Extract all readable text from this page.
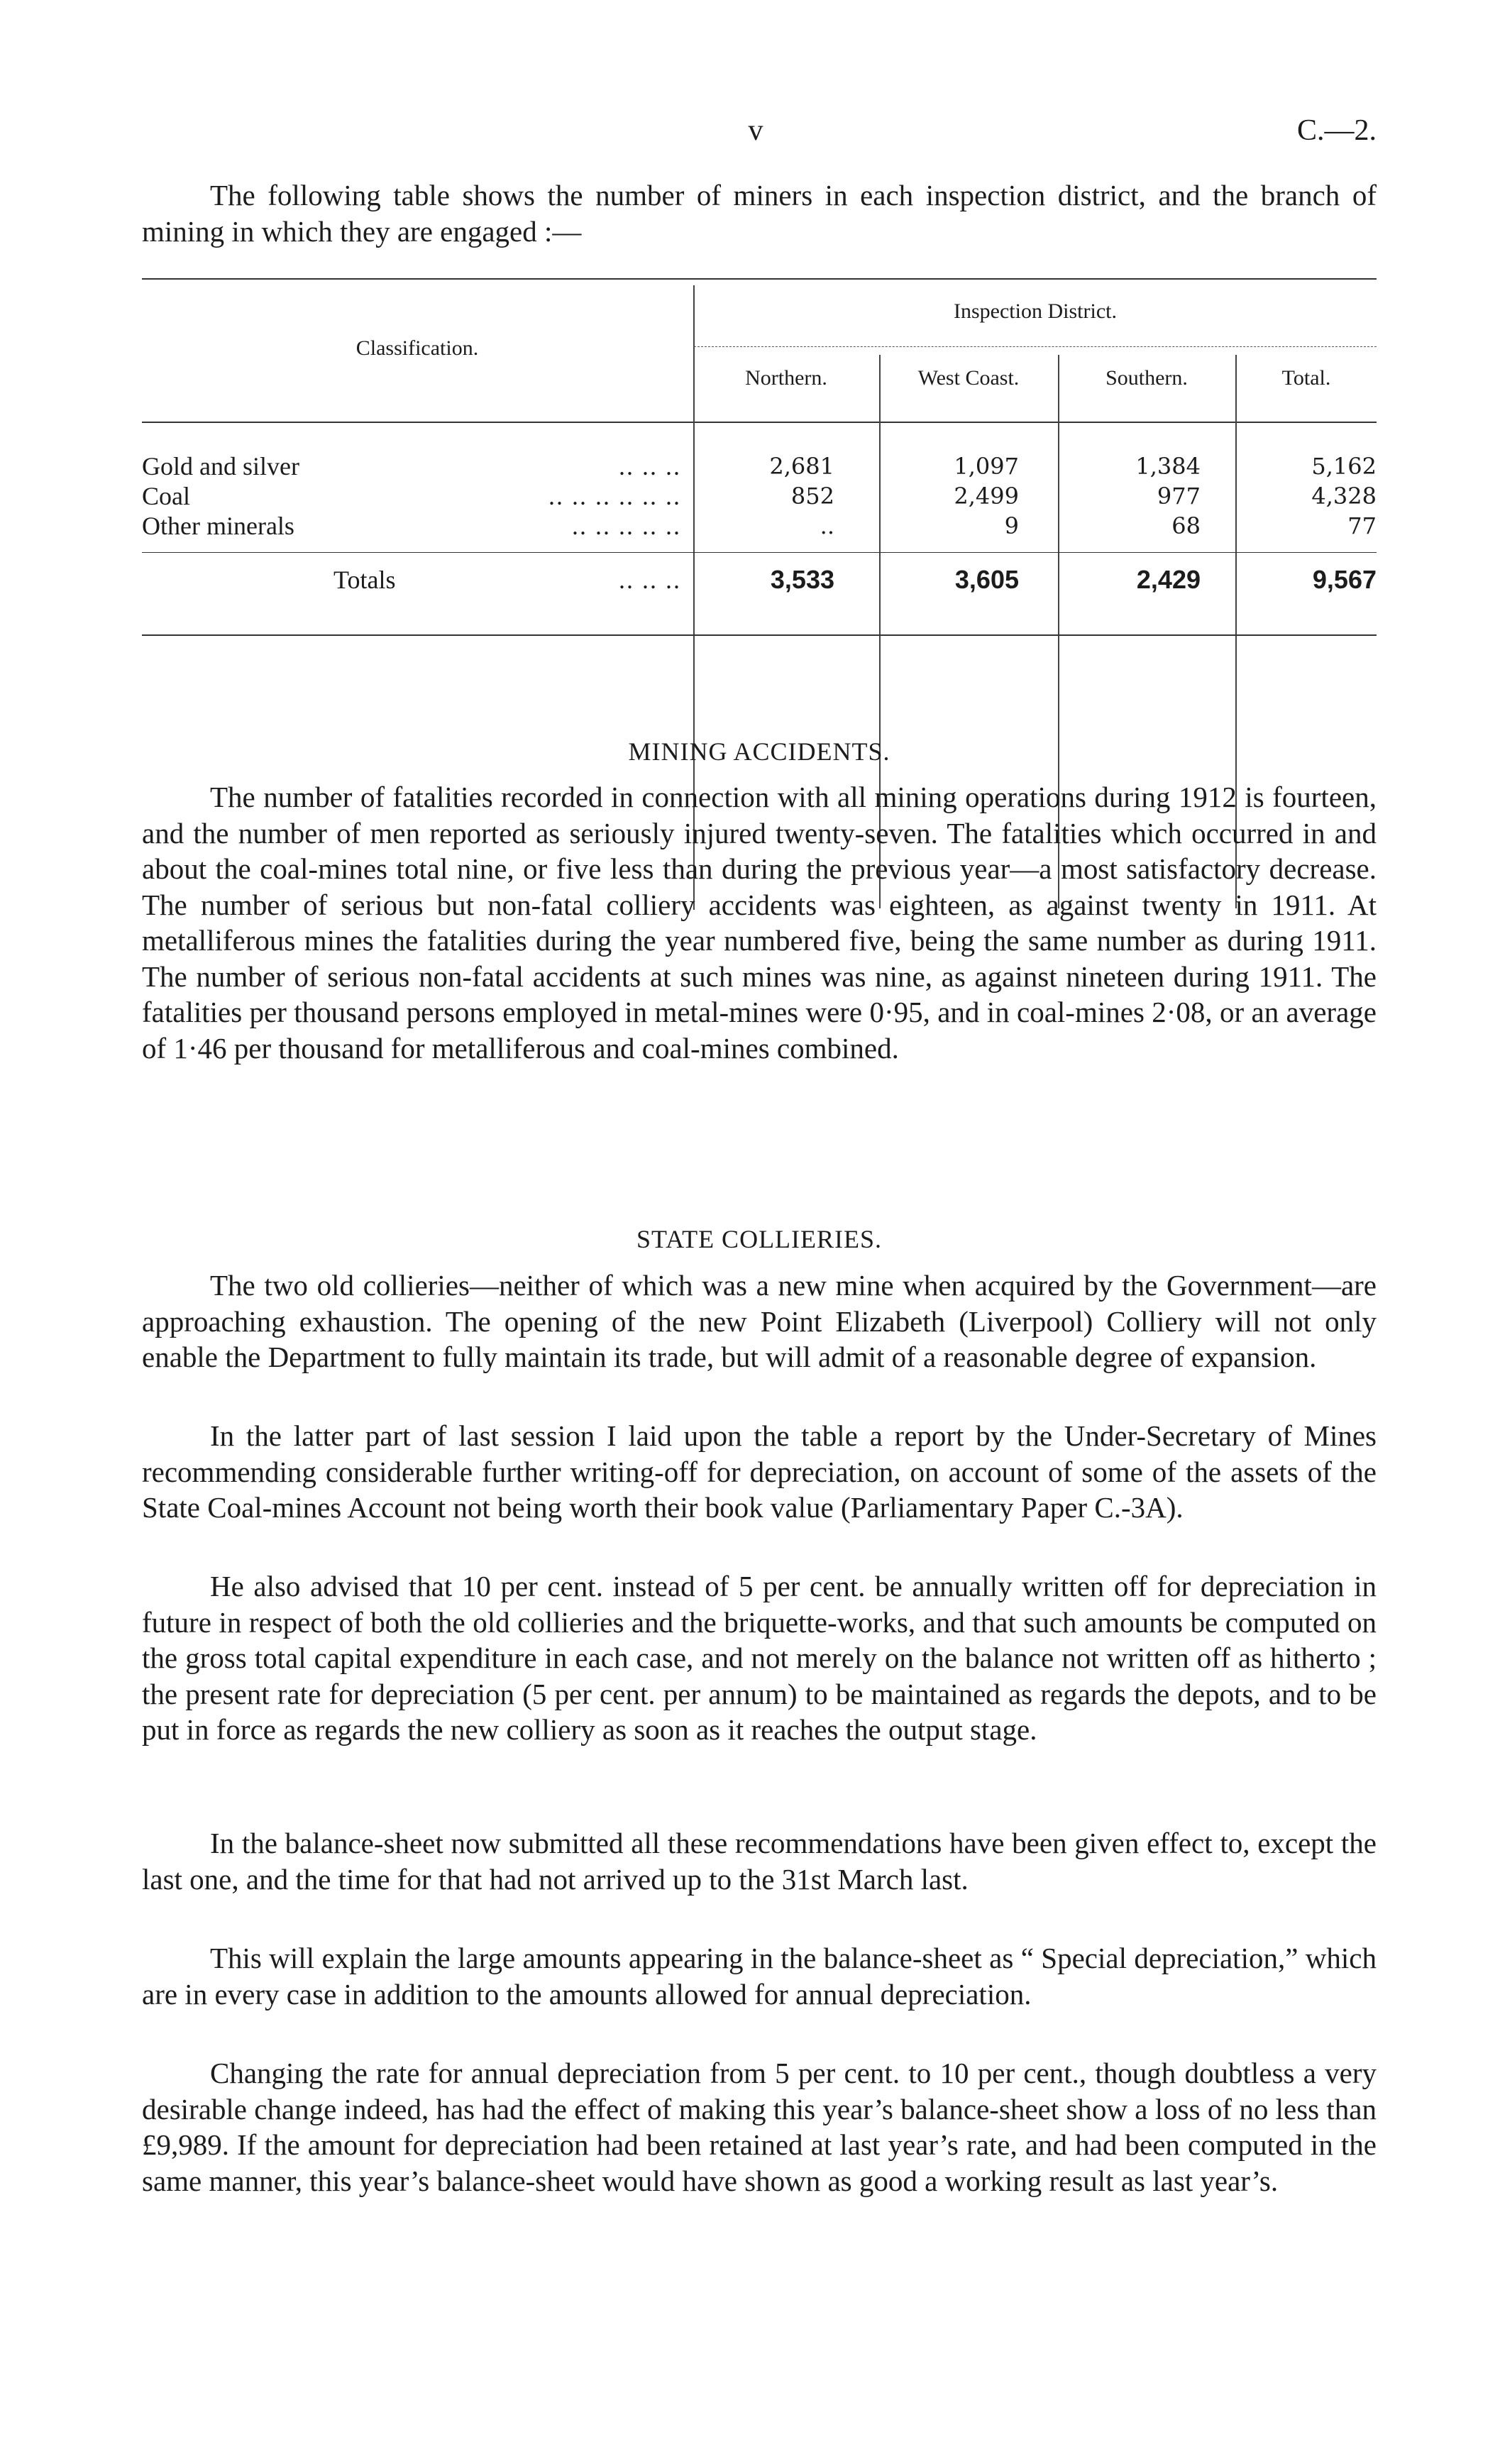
v	C.—2.

The following table shows the number of miners in each inspection district, and the branch of mining in which they are engaged :—

Classification.
Inspection District.
Northern.	West Coast.	Southern.	Total.
Gold and silver	.. .. ..	2,681	1,097	1,384	5,162
Coal	.. .. .. .. .. ..	852	2,499	977	4,328
Other minerals	.. .. .. .. ..	..	9	68	77
Totals	.. .. ..	3,533	3,605	2,429	9,567
MINING ACCIDENTS.

The number of fatalities recorded in connection with all mining operations during 1912 is fourteen, and the number of men reported as seriously injured twenty-seven. The fatalities which occurred in and about the coal-mines total nine, or five less than during the previous year—a most satisfactory decrease. The number of serious but non-fatal colliery accidents was eighteen, as against twenty in 1911. At metalliferous mines the fatalities during the year numbered five, being the same number as during 1911. The number of serious non-fatal accidents at such mines was nine, as against nineteen during 1911. The fatalities per thousand persons employed in metal-mines were 0·95, and in coal-mines 2·08, or an average of 1·46 per thousand for metalliferous and coal-mines combined.

STATE COLLIERIES.

The two old collieries—neither of which was a new mine when acquired by the Government—are approaching exhaustion. The opening of the new Point Elizabeth (Liverpool) Colliery will not only enable the Department to fully maintain its trade, but will admit of a reasonable degree of expansion.

In the latter part of last session I laid upon the table a report by the Under-Secretary of Mines recommending considerable further writing-off for depreciation, on account of some of the assets of the State Coal-mines Account not being worth their book value (Parliamentary Paper C.-3A).

He also advised that 10 per cent. instead of 5 per cent. be annually written off for depreciation in future in respect of both the old collieries and the briquette-works, and that such amounts be computed on the gross total capital expenditure in each case, and not merely on the balance not written off as hitherto ; the present rate for depreciation (5 per cent. per annum) to be maintained as regards the depots, and to be put in force as regards the new colliery as soon as it reaches the output stage.

In the balance-sheet now submitted all these recommendations have been given effect to, except the last one, and the time for that had not arrived up to the 31st March last.

This will explain the large amounts appearing in the balance-sheet as “ Special depreciation,” which are in every case in addition to the amounts allowed for annual depreciation.

Changing the rate for annual depreciation from 5 per cent. to 10 per cent., though doubtless a very desirable change indeed, has had the effect of making this year’s balance-sheet show a loss of no less than £9,989. If the amount for depreciation had been retained at last year’s rate, and had been computed in the same manner, this year’s balance-sheet would have shown as good a working result as last year’s.
